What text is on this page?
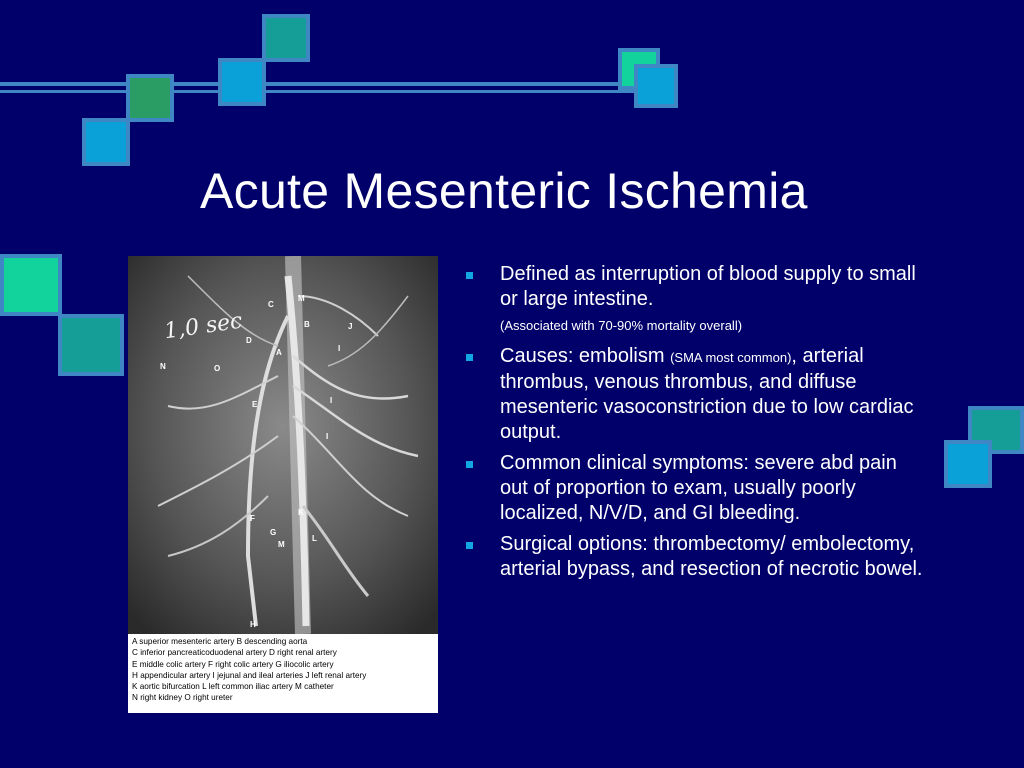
Acute Mesenteric Ischemia
1,0 sec
C
M
D
B	J
A	I
N	O
E	I
I
F
K
G
M
L
H
A superior mesenteric artery B descending aorta
C inferior pancreaticoduodenal artery D right renal artery
E middle colic artery F right colic artery G iliocolic artery
H appendicular artery I jejunal and ileal arteries J left renal artery
K aortic bifurcation L left common iliac artery M catheter
N right kidney O right ureter
Defined as interruption of blood supply to small or large intestine.
(Associated with 70-90% mortality overall)
Causes: embolism (SMA most common), arterial thrombus, venous thrombus, and diffuse mesenteric vasoconstriction due to low cardiac output.
Common clinical symptoms: severe abd pain out of proportion to exam, usually poorly localized, N/V/D, and GI bleeding.
Surgical options: thrombectomy/ embolectomy, arterial bypass, and resection of necrotic bowel.
